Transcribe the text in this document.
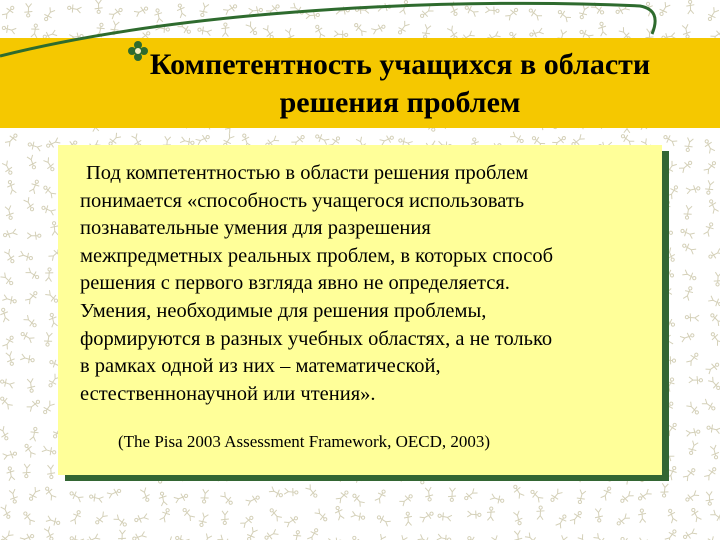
Компетентность учащихся в области
решения проблем
Под компетентностью в области решения проблем
понимается «способность учащегося использовать
познавательные умения для разрешения
межпредметных реальных проблем, в которых способ
решения с первого взгляда явно не определяется.
Умения, необходимые для решения проблемы,
формируются в разных учебных областях, а не только
в рамках одной из них – математической,
естественнонаучной или чтения».
(The Pisa 2003 Assessment Framework, OECD, 2003)
